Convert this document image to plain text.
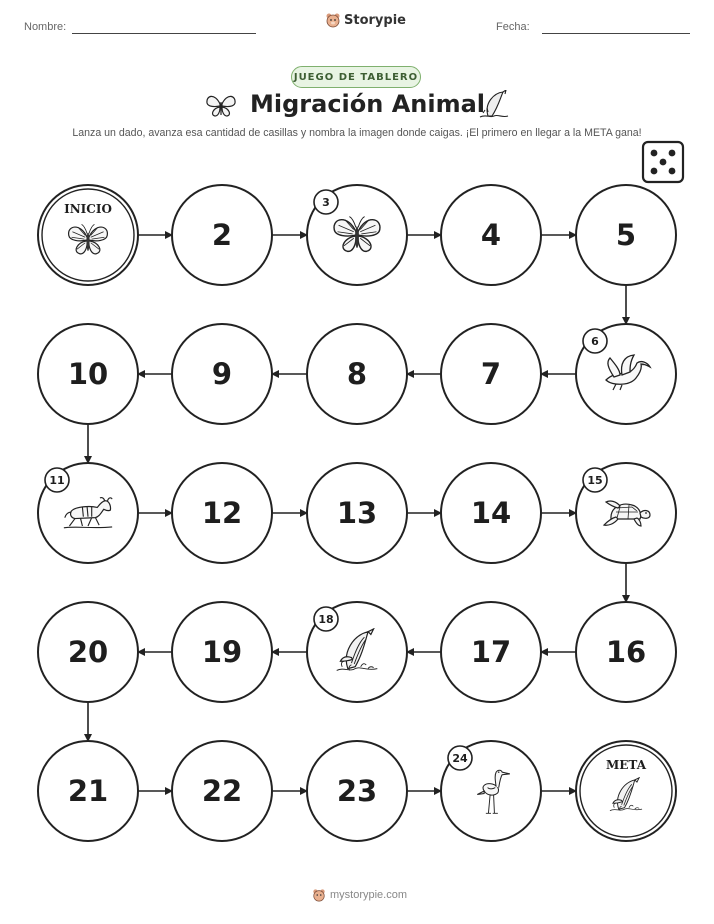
Nombre:	Storypie	Fecha:
JUEGO DE TABLERO
Migración Animal
Lanza un dado, avanza esa cantidad de casillas y nombra la imagen donde caigas. ¡El primero en llegar a la META gana!
INICIO
2
3
4	5
6
7
8
9
10
11
12	13	14
15
16
17
18
19
20
21	22	23
24	META
mystorypie.com
